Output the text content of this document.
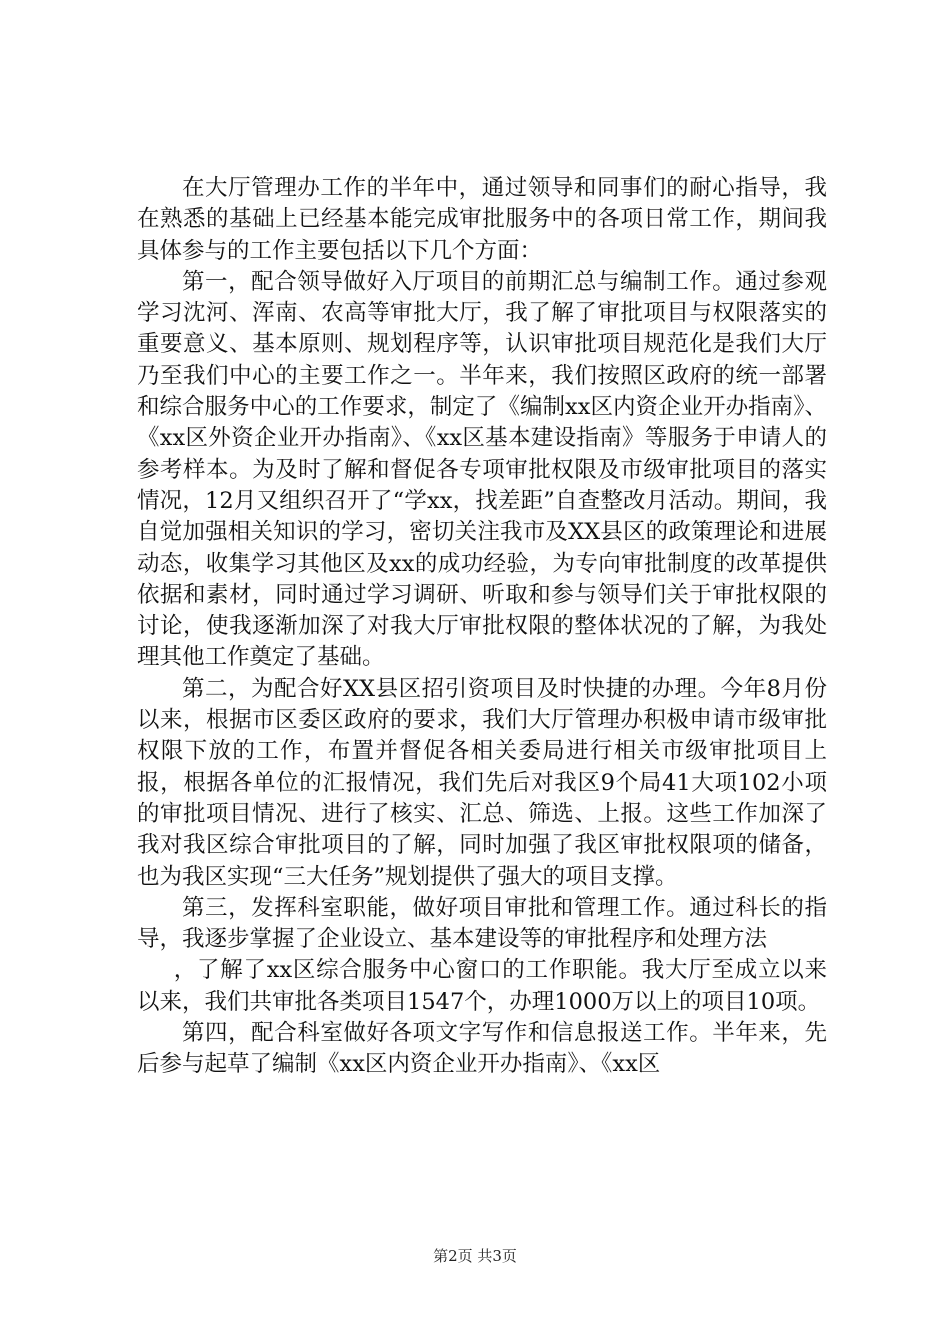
在大厅管理办工作的半年中，通过领导和同事们的耐心指导，我在熟悉的基础上已经基本能完成审批服务中的各项日常工作，期间我具体参与的工作主要包括以下几个方面：

第一，配合领导做好入厅项目的前期汇总与编制工作。通过参观学习沈河、浑南、农高等审批大厅，我了解了审批项目与权限落实的重要意义、基本原则、规划程序等，认识审批项目规范化是我们大厅乃至我们中心的主要工作之一。半年来，我们按照区政府的统一部署和综合服务中心的工作要求，制定了《编制xx区内资企业开办指南》、《xx区外资企业开办指南》、《xx区基本建设指南》等服务于申请人的参考样本。为及时了解和督促各专项审批权限及市级审批项目的落实情况，12月又组织召开了“学xx，找差距”自查整改月活动。期间，我自觉加强相关知识的学习，密切关注我市及XX县区的政策理论和进展动态，收集学习其他区及xx的成功经验，为专向审批制度的改革提供依据和素材，同时通过学习调研、听取和参与领导们关于审批权限的讨论，使我逐渐加深了对我大厅审批权限的整体状况的了解，为我处理其他工作奠定了基础。

第二，为配合好XX县区招引资项目及时快捷的办理。今年8月份以来，根据市区委区政府的要求，我们大厅管理办积极申请市级审批权限下放的工作，布置并督促各相关委局进行相关市级审批项目上报，根据各单位的汇报情况，我们先后对我区9个局41大项102小项的审批项目情况、进行了核实、汇总、筛选、上报。这些工作加深了我对我区综合审批项目的了解，同时加强了我区审批权限项的储备，也为我区实现“三大任务”规划提供了强大的项目支撑。

第三，发挥科室职能，做好项目审批和管理工作。通过科长的指导，我逐步掌握了企业设立、基本建设等的审批程序和处理方法

，了解了xx区综合服务中心窗口的工作职能。我大厅至成立以来以来，我们共审批各类项目1547个，办理1000万以上的项目10项。

第四，配合科室做好各项文字写作和信息报送工作。半年来，先后参与起草了编制《xx区内资企业开办指南》、《xx区

第2页 共3页
